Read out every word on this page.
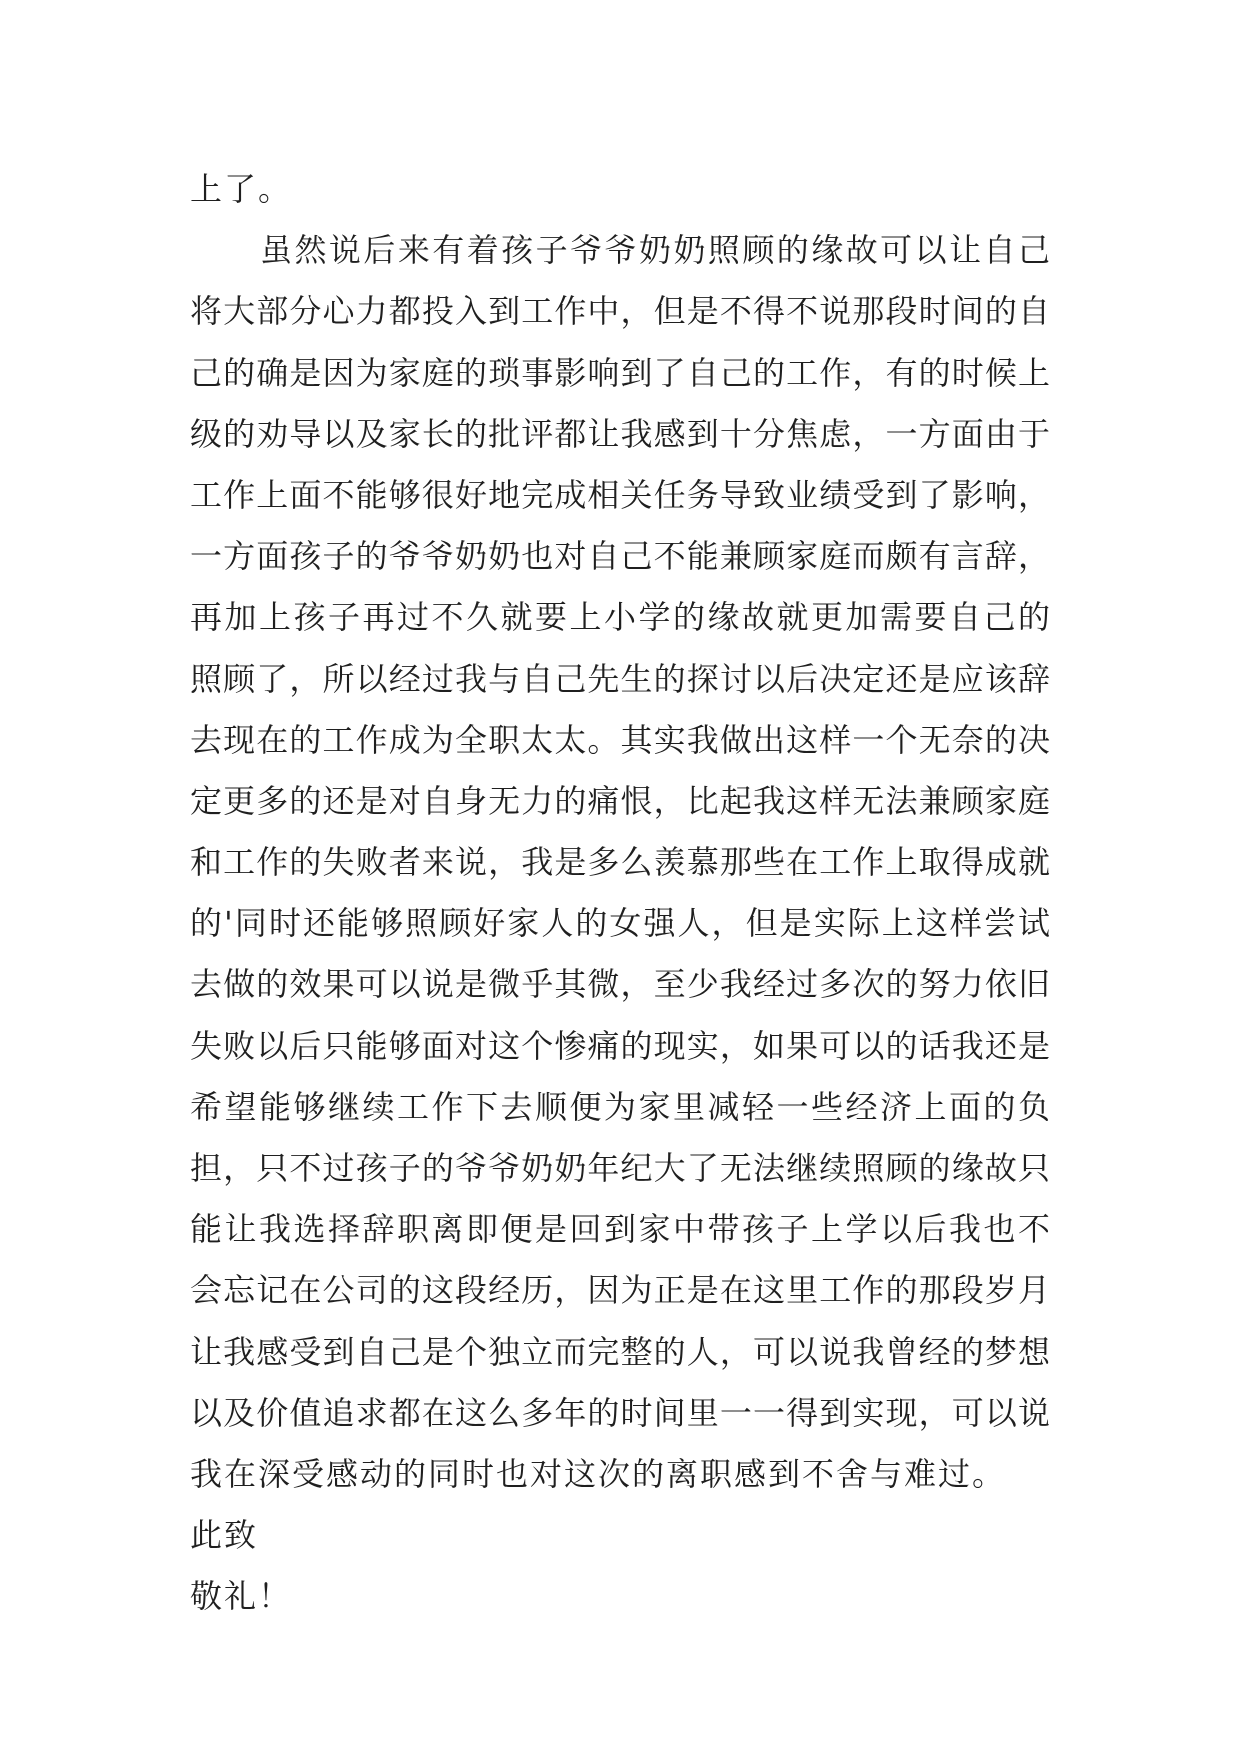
上了。
虽然说后来有着孩子爷爷奶奶照顾的缘故可以让自己
将大部分心力都投入到工作中，但是不得不说那段时间的自
己的确是因为家庭的琐事影响到了自己的工作，有的时候上
级的劝导以及家长的批评都让我感到十分焦虑，一方面由于
工作上面不能够很好地完成相关任务导致业绩受到了影响，
一方面孩子的爷爷奶奶也对自己不能兼顾家庭而颇有言辞，
再加上孩子再过不久就要上小学的缘故就更加需要自己的
照顾了，所以经过我与自己先生的探讨以后决定还是应该辞
去现在的工作成为全职太太。其实我做出这样一个无奈的决
定更多的还是对自身无力的痛恨，比起我这样无法兼顾家庭
和工作的失败者来说，我是多么羡慕那些在工作上取得成就
的'同时还能够照顾好家人的女强人，但是实际上这样尝试
去做的效果可以说是微乎其微，至少我经过多次的努力依旧
失败以后只能够面对这个惨痛的现实，如果可以的话我还是
希望能够继续工作下去顺便为家里减轻一些经济上面的负
担，只不过孩子的爷爷奶奶年纪大了无法继续照顾的缘故只
能让我选择辞职离即便是回到家中带孩子上学以后我也不
会忘记在公司的这段经历，因为正是在这里工作的那段岁月
让我感受到自己是个独立而完整的人，可以说我曾经的梦想
以及价值追求都在这么多年的时间里一一得到实现，可以说
我在深受感动的同时也对这次的离职感到不舍与难过。
此致
敬礼！
